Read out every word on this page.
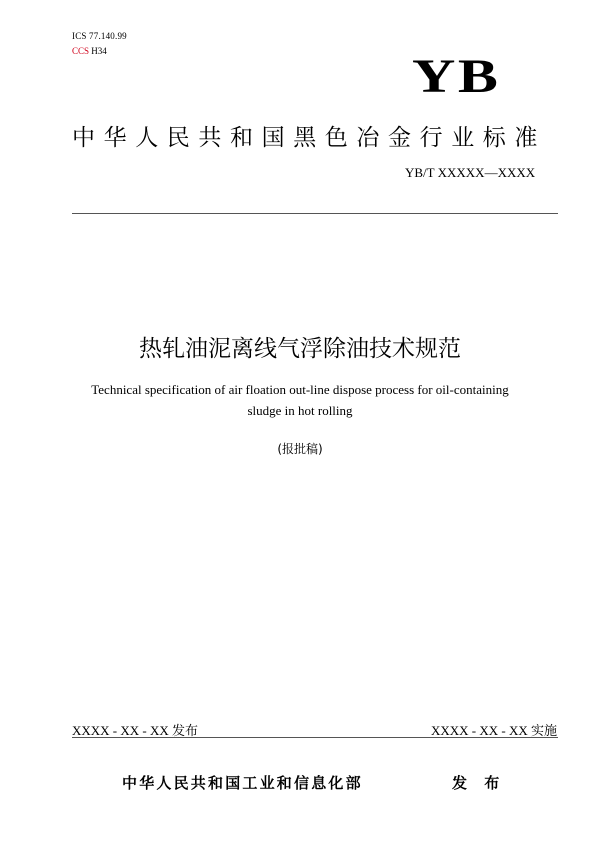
ICS 77.140.99
CCS H34	YB
中华人民共和国黑色冶金行业标准
YB/T XXXXX—XXXX
热轧油泥离线气浮除油技术规范
Technical specification of air floation out-line dispose process for oil-containing
sludge in hot rolling
(报批稿)
XXXX - XX - XX 发布	XXXX - XX - XX 实施
中华人民共和国工业和信息化部	发 布
